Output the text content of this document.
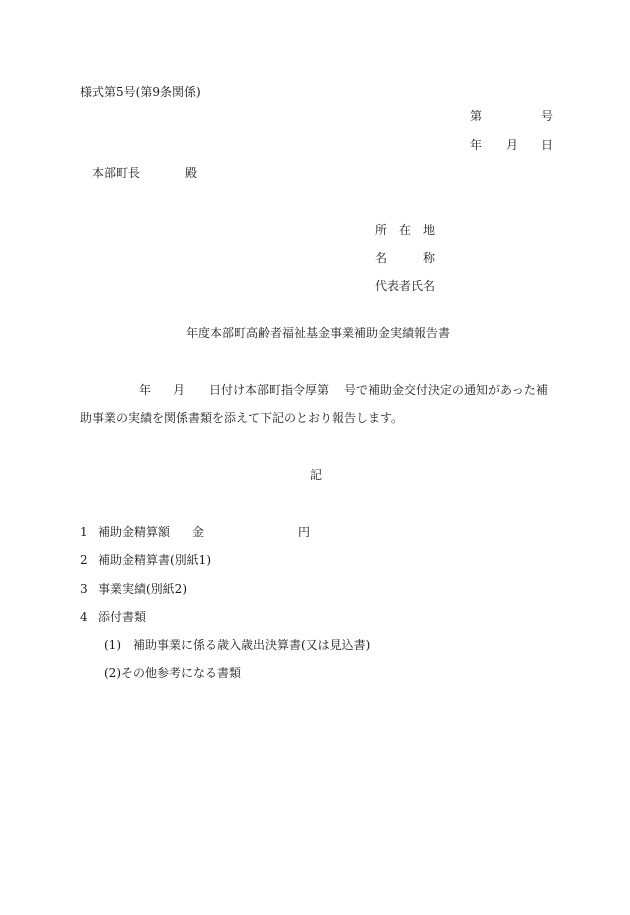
様式第5号(第9条関係)

第	号

年 月 日

本部町長	殿

所　在　地

名	称

代表者氏名

年度本部町高齢者福祉基金事業補助金実績報告書

年 月 日付け本部町指令厚第 号で補助金交付決定の通知があった補

助事業の実績を関係書類を添えて下記のとおり報告します。

記

1 補助金精算額 金	円

2 補助金精算書(別紙1)

3 事業実績(別紙2)

4 添付書類

(1) 補助事業に係る歳入歳出決算書(又は見込書)

(2) その他参考になる書類
